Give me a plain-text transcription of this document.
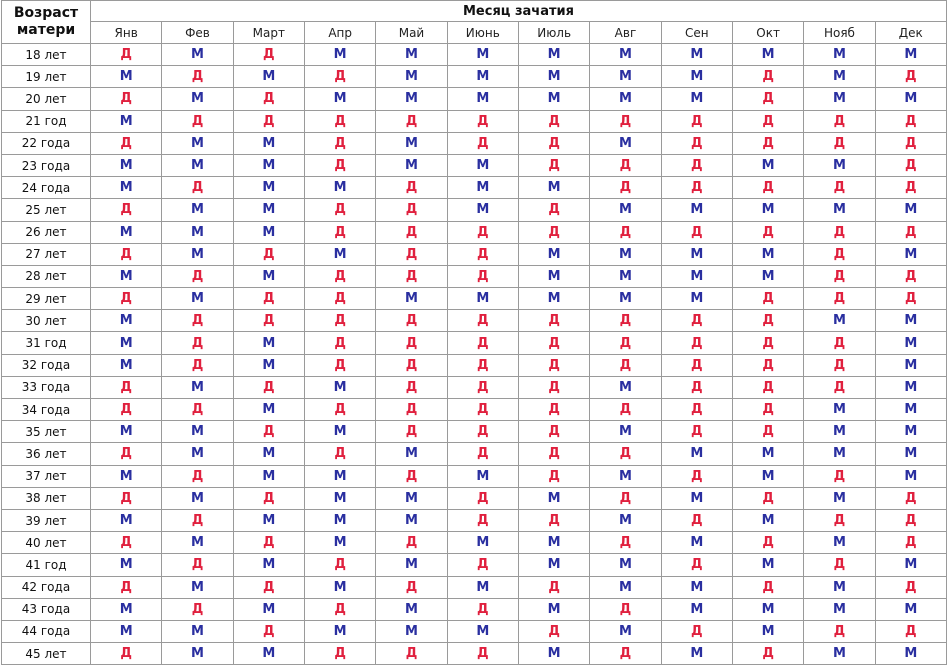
Возраст матери	Месяц зачатия											
	Янв	Фев	Март	Апр	Май	Июнь	Июль	Авг	Сен	Окт	Нояб	Дек
18 лет	Д	М	Д	М	М	М	М	М	М	М	М	М
19 лет	М	Д	М	Д	М	М	М	М	М	Д	М	Д
20 лет	Д	М	Д	М	М	М	М	М	М	Д	М	М
21 год	М	Д	Д	Д	Д	Д	Д	Д	Д	Д	Д	Д
22 года	Д	М	М	Д	М	Д	Д	М	Д	Д	Д	Д
23 года	М	М	М	Д	М	М	Д	Д	Д	М	М	Д
24 года	М	Д	М	М	Д	М	М	Д	Д	Д	Д	Д
25 лет	Д	М	М	Д	Д	М	Д	М	М	М	М	М
26 лет	М	М	М	Д	Д	Д	Д	Д	Д	Д	Д	Д
27 лет	Д	М	Д	М	Д	Д	М	М	М	М	Д	М
28 лет	М	Д	М	Д	Д	Д	М	М	М	М	Д	Д
29 лет	Д	М	Д	Д	М	М	М	М	М	Д	Д	Д
30 лет	М	Д	Д	Д	Д	Д	Д	Д	Д	Д	М	М
31 год	М	Д	М	Д	Д	Д	Д	Д	Д	Д	Д	М
32 года	М	Д	М	Д	Д	Д	Д	Д	Д	Д	Д	М
33 года	Д	М	Д	М	Д	Д	Д	М	Д	Д	Д	М
34 года	Д	Д	М	Д	Д	Д	Д	Д	Д	Д	М	М
35 лет	М	М	Д	М	Д	Д	Д	М	Д	Д	М	М
36 лет	Д	М	М	Д	М	Д	Д	Д	М	М	М	М
37 лет	М	Д	М	М	Д	М	Д	М	Д	М	Д	М
38 лет	Д	М	Д	М	М	Д	М	Д	М	Д	М	Д
39 лет	М	Д	М	М	М	Д	Д	М	Д	М	Д	Д
40 лет	Д	М	Д	М	Д	М	М	Д	М	Д	М	Д
41 год	М	Д	М	Д	М	Д	М	М	Д	М	Д	М
42 года	Д	М	Д	М	Д	М	Д	М	М	Д	М	Д
43 года	М	Д	М	Д	М	Д	М	Д	М	М	М	М
44 года	М	М	Д	М	М	М	Д	М	Д	М	Д	Д
45 лет	Д	М	М	Д	Д	Д	М	Д	М	Д	М	М
